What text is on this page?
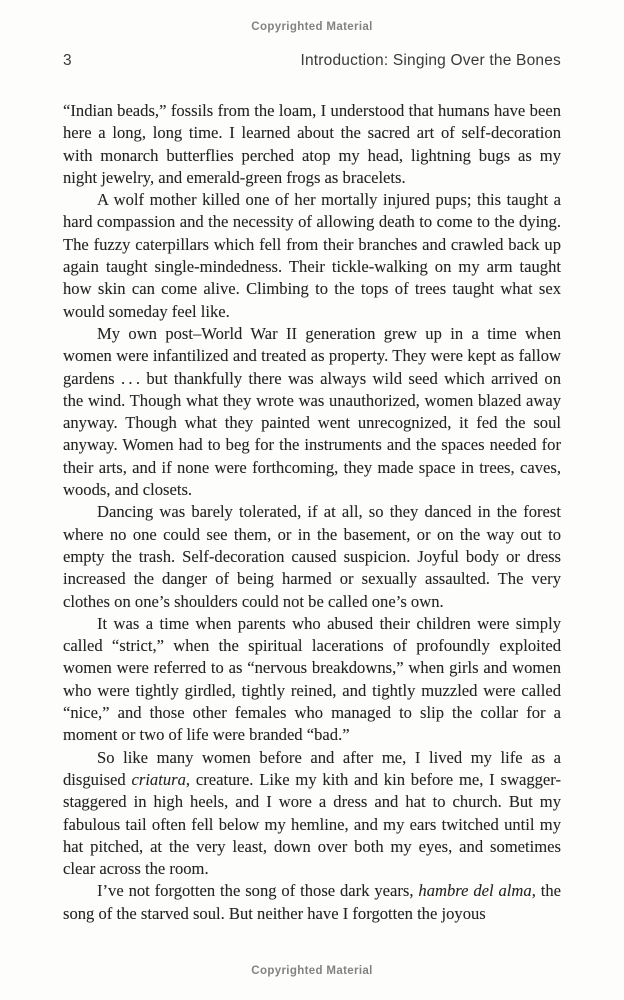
Copyrighted Material
3	Introduction: Singing Over the Bones

“Indian beads,” fossils from the loam, I understood that humans have been here a long, long time. I learned about the sacred art of self-decoration with monarch butterflies perched atop my head, lightning bugs as my night jewelry, and emerald-green frogs as bracelets.

A wolf mother killed one of her mortally injured pups; this taught a hard compassion and the necessity of allowing death to come to the dying. The fuzzy caterpillars which fell from their branches and crawled back up again taught single-mindedness. Their tickle-walking on my arm taught how skin can come alive. Climbing to the tops of trees taught what sex would someday feel like.

My own post–World War II generation grew up in a time when women were infantilized and treated as property. They were kept as fallow gardens . . . but thankfully there was always wild seed which arrived on the wind. Though what they wrote was unauthorized, women blazed away anyway. Though what they painted went unrecognized, it fed the soul anyway. Women had to beg for the instruments and the spaces needed for their arts, and if none were forthcoming, they made space in trees, caves, woods, and closets.

Dancing was barely tolerated, if at all, so they danced in the forest where no one could see them, or in the basement, or on the way out to empty the trash. Self-decoration caused suspicion. Joyful body or dress increased the danger of being harmed or sexually assaulted. The very clothes on one’s shoulders could not be called one’s own.

It was a time when parents who abused their children were simply called “strict,” when the spiritual lacerations of profoundly exploited women were referred to as “nervous breakdowns,” when girls and women who were tightly girdled, tightly reined, and tightly muzzled were called “nice,” and those other females who managed to slip the collar for a moment or two of life were branded “bad.”

So like many women before and after me, I lived my life as a disguised criatura, creature. Like my kith and kin before me, I swagger-staggered in high heels, and I wore a dress and hat to church. But my fabulous tail often fell below my hemline, and my ears twitched until my hat pitched, at the very least, down over both my eyes, and sometimes clear across the room.

I’ve not forgotten the song of those dark years, hambre del alma, the song of the starved soul. But neither have I forgotten the joyous

Copyrighted Material
